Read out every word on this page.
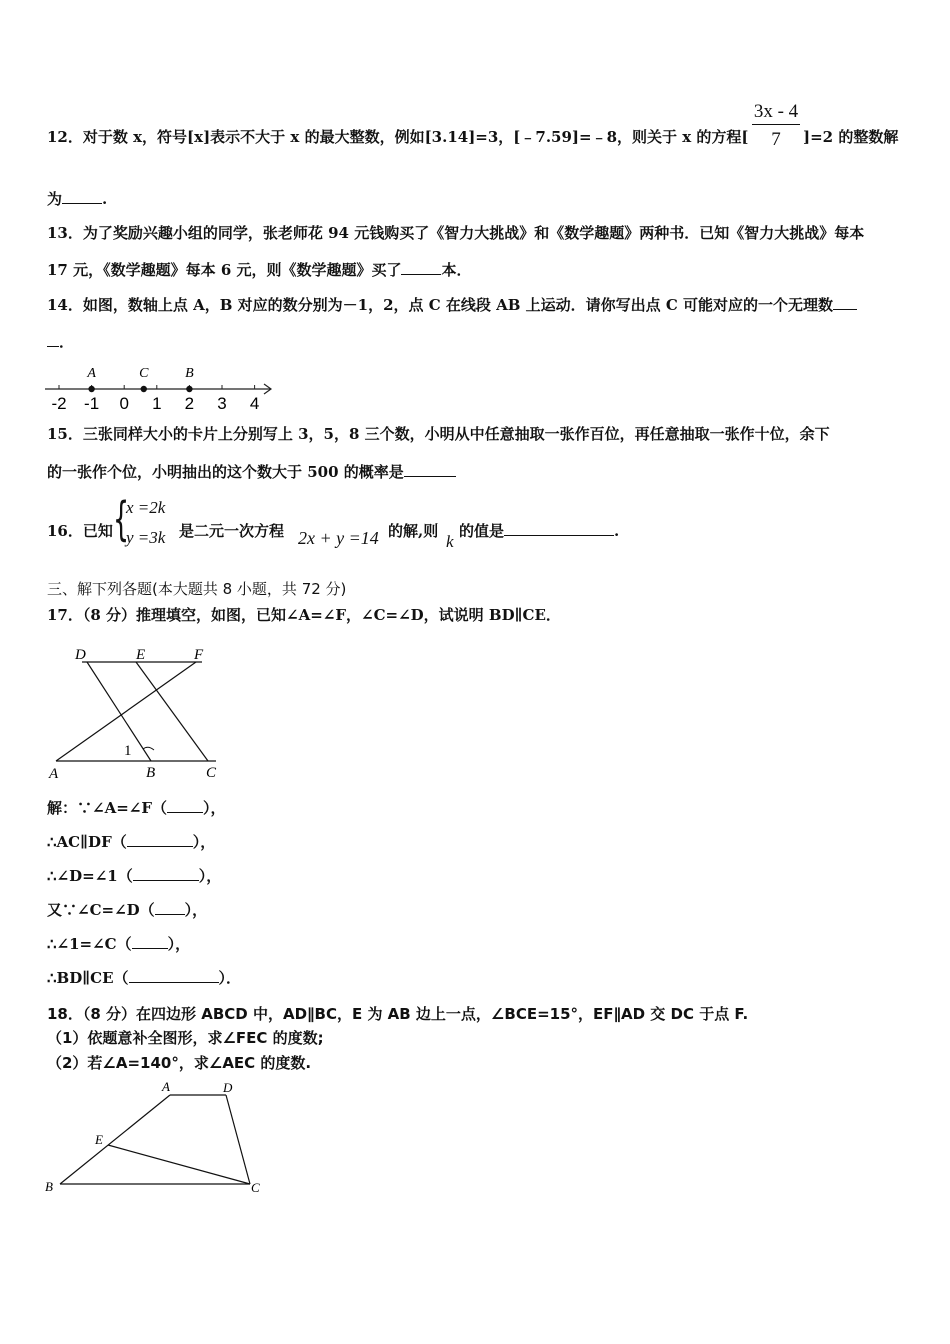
12．对于数 x，符号[x]表示不大于 x 的最大整数，例如[3.14]=3，[﹣7.59]=﹣8，则关于 x 的方程[
3x - 4
7	]=2 的整数解
为	.
13．为了奖励兴趣小组的同学，张老师花 94 元钱购买了《智力大挑战》和《数学趣题》两种书．已知《智力大挑战》每本
17 元，《数学趣题》每本 6 元，则《数学趣题》买了	本．
14．如图，数轴上点 A，B 对应的数分别为－1，2，点 C 在线段 AB 上运动．请你写出点 C 可能对应的一个无理数
．
-2 -1 0 1 2 3 4
A	C	B
15．三张同样大小的卡片上分别写上 3，5，8 三个数，小明从中任意抽取一张作百位，再任意抽取一张作十位，余下
的一张作个位，小明抽出的这个数大于 500 的概率是
16．已知 {
x =2k
y =3k 是二元一次方程 2x + y =14 的解,则
k
的值是	.
三、解下列各题(本大题共 8 小题，共 72 分)
17．（8 分）推理填空，如图，已知∠A=∠F，∠C=∠D，试说明 BD∥CE．
D	E	F
A	B	C
1
解：∵∠A=∠F（ ），
∴AC∥DF（	），
∴∠D=∠1（	），
又∵∠C=∠D（ ），
∴∠1=∠C（ ），
∴BD∥CE（	）．
18．（8 分）在四边形 ABCD 中，AD∥BC，E 为 AB 边上一点，∠BCE=15°，EF∥AD 交 DC 于点 F.
（1）依题意补全图形，求∠FEC 的度数;
（2）若∠A=140°，求∠AEC 的度数.
A	D
E
B	C
